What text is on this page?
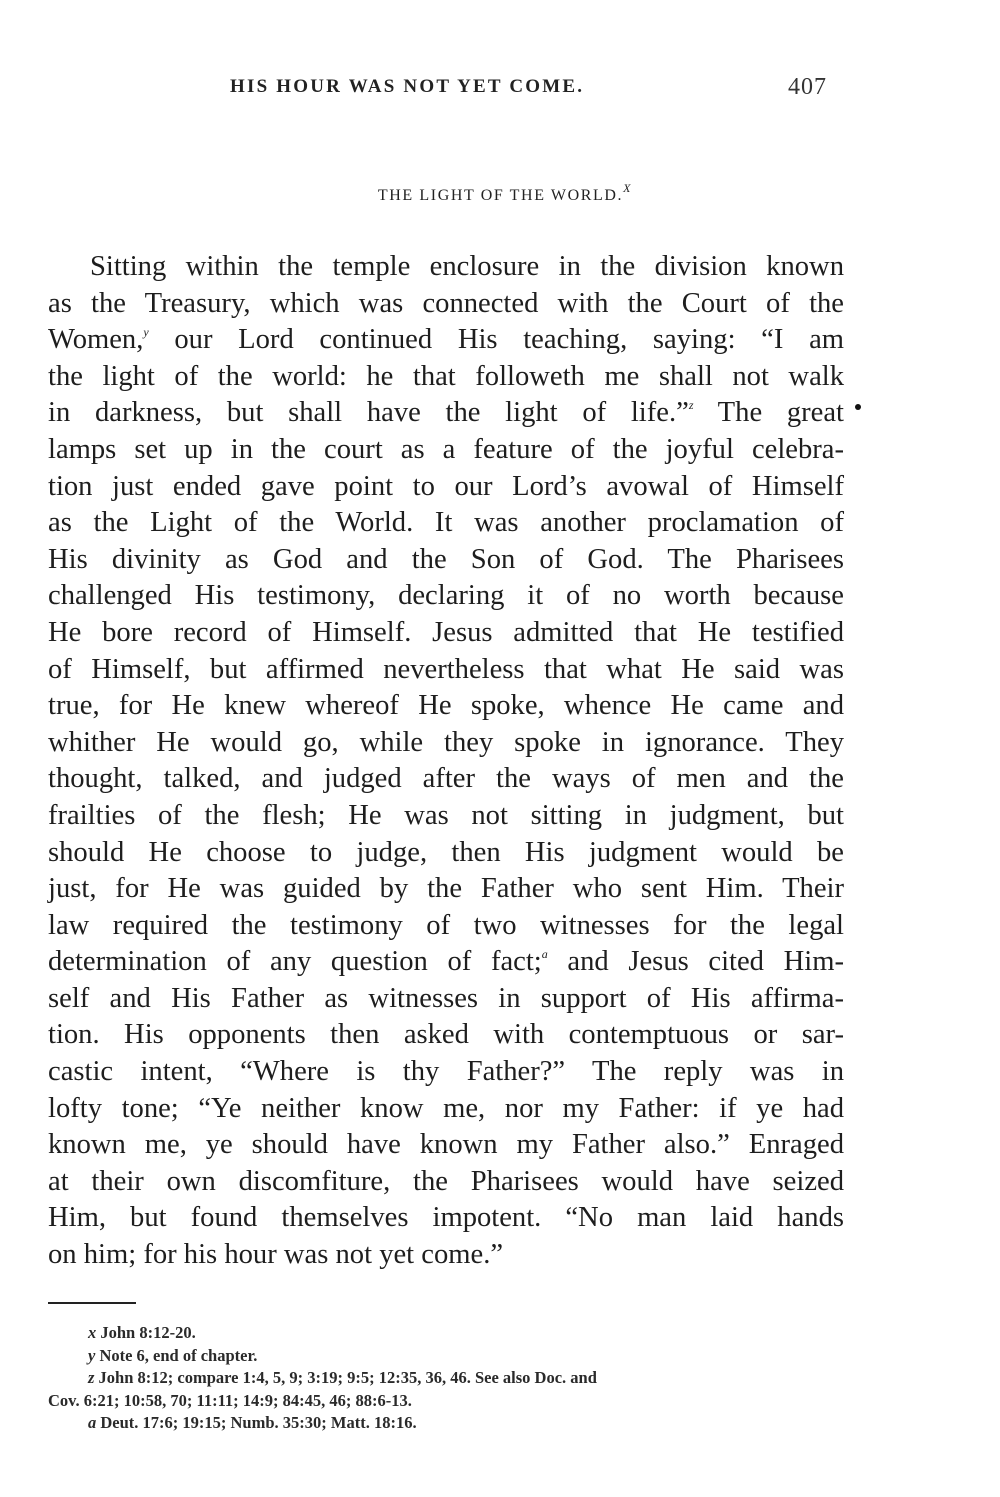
HIS HOUR WAS NOT YET COME.	407
THE LIGHT OF THE WORLD.$^X$
Sitting within the temple enclosure in the division known
as the Treasury, which was connected with the Court of the
Women,$^y$ our Lord continued His teaching, saying: “I am
the light of the world: he that followeth me shall not walk
in darkness, but shall have the light of life.”$^z$ The great
lamps set up in the court as a feature of the joyful celebra-
tion just ended gave point to our Lord’s avowal of Himself
as the Light of the World. It was another proclamation of
His divinity as God and the Son of God. The Pharisees
challenged His testimony, declaring it of no worth because
He bore record of Himself. Jesus admitted that He testified
of Himself, but affirmed nevertheless that what He said was
true, for He knew whereof He spoke, whence He came and
whither He would go, while they spoke in ignorance. They
thought, talked, and judged after the ways of men and the
frailties of the flesh; He was not sitting in judgment, but
should He choose to judge, then His judgment would be
just, for He was guided by the Father who sent Him. Their
law required the testimony of two witnesses for the legal
determination of any question of fact;$^a$ and Jesus cited Him-
self and His Father as witnesses in support of His affirma-
tion. His opponents then asked with contemptuous or sar-
castic intent, “Where is thy Father?” The reply was in
lofty tone; “Ye neither know me, nor my Father: if ye had
known me, ye should have known my Father also.” Enraged
at their own discomfiture, the Pharisees would have seized
Him, but found themselves impotent. “No man laid hands
on him; for his hour was not yet come.”
x John 8:12-20.
y Note 6, end of chapter.
z John 8:12; compare 1:4, 5, 9; 3:19; 9:5; 12:35, 36, 46. See also Doc. and
Cov. 6:21; 10:58, 70; 11:11; 14:9; 84:45, 46; 88:6-13.
a Deut. 17:6; 19:15; Numb. 35:30; Matt. 18:16.
